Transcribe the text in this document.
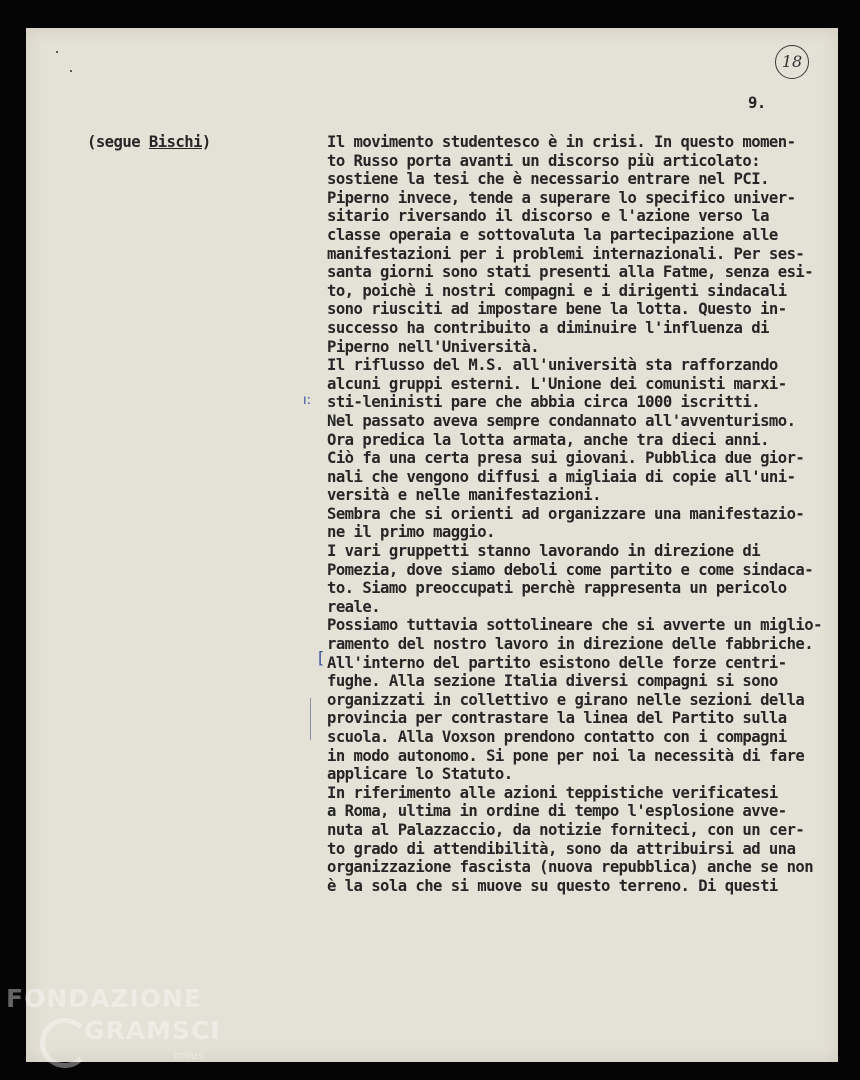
18
9.
(segue Bischi)	Il movimento studentesco è in crisi. In questo momen-
to Russo porta avanti un discorso più articolato:
sostiene la tesi che è necessario entrare nel PCI.
Piperno invece, tende a superare lo specifico univer-
sitario riversando il discorso e l'azione verso la
classe operaia e sottovaluta la partecipazione alle
manifestazioni per i problemi internazionali. Per ses-
santa giorni sono stati presenti alla Fatme, senza esi-
to, poichè i nostri compagni e i dirigenti sindacali
sono riusciti ad impostare bene la lotta. Questo in-
successo ha contribuito a diminuire l'influenza di
Piperno nell'Università.
Il riflusso del M.S. all'università sta rafforzando
alcuni gruppi esterni. L'Unione dei comunisti marxi-
sti-leninisti pare che abbia circa 1000 iscritti.
Nel passato aveva sempre condannato all'avventurismo.
Ora predica la lotta armata, anche tra dieci anni.
Ciò fa una certa presa sui giovani. Pubblica due gior-
nali che vengono diffusi a migliaia di copie all'uni-
versità e nelle manifestazioni.
Sembra che si orienti ad organizzare una manifestazio-
ne il primo maggio.
I vari gruppetti stanno lavorando in direzione di
Pomezia, dove siamo deboli come partito e come sindaca-
to. Siamo preoccupati perchè rappresenta un pericolo
reale.
Possiamo tuttavia sottolineare che si avverte un miglio-
ramento del nostro lavoro in direzione delle fabbriche.
All'interno del partito esistono delle forze centri-
fughe. Alla sezione Italia diversi compagni si sono
organizzati in collettivo e girano nelle sezioni della
provincia per contrastare la linea del Partito sulla
scuola. Alla Voxson prendono contatto con i compagni
in modo autonomo. Si pone per noi la necessità di fare
applicare lo Statuto.
In riferimento alle azioni teppistiche verificatesi
a Roma, ultima in ordine di tempo l'esplosione avve-
nuta al Palazzaccio, da notizie forniteci, con un cer-
to grado di attendibilità, sono da attribuirsi ad una
organizzazione fascista (nuova repubblica) anche se non
è la sola che si muove su questo terreno. Di questi
ı:
[
FONDAZIONE
GRAMSCI
onlus
